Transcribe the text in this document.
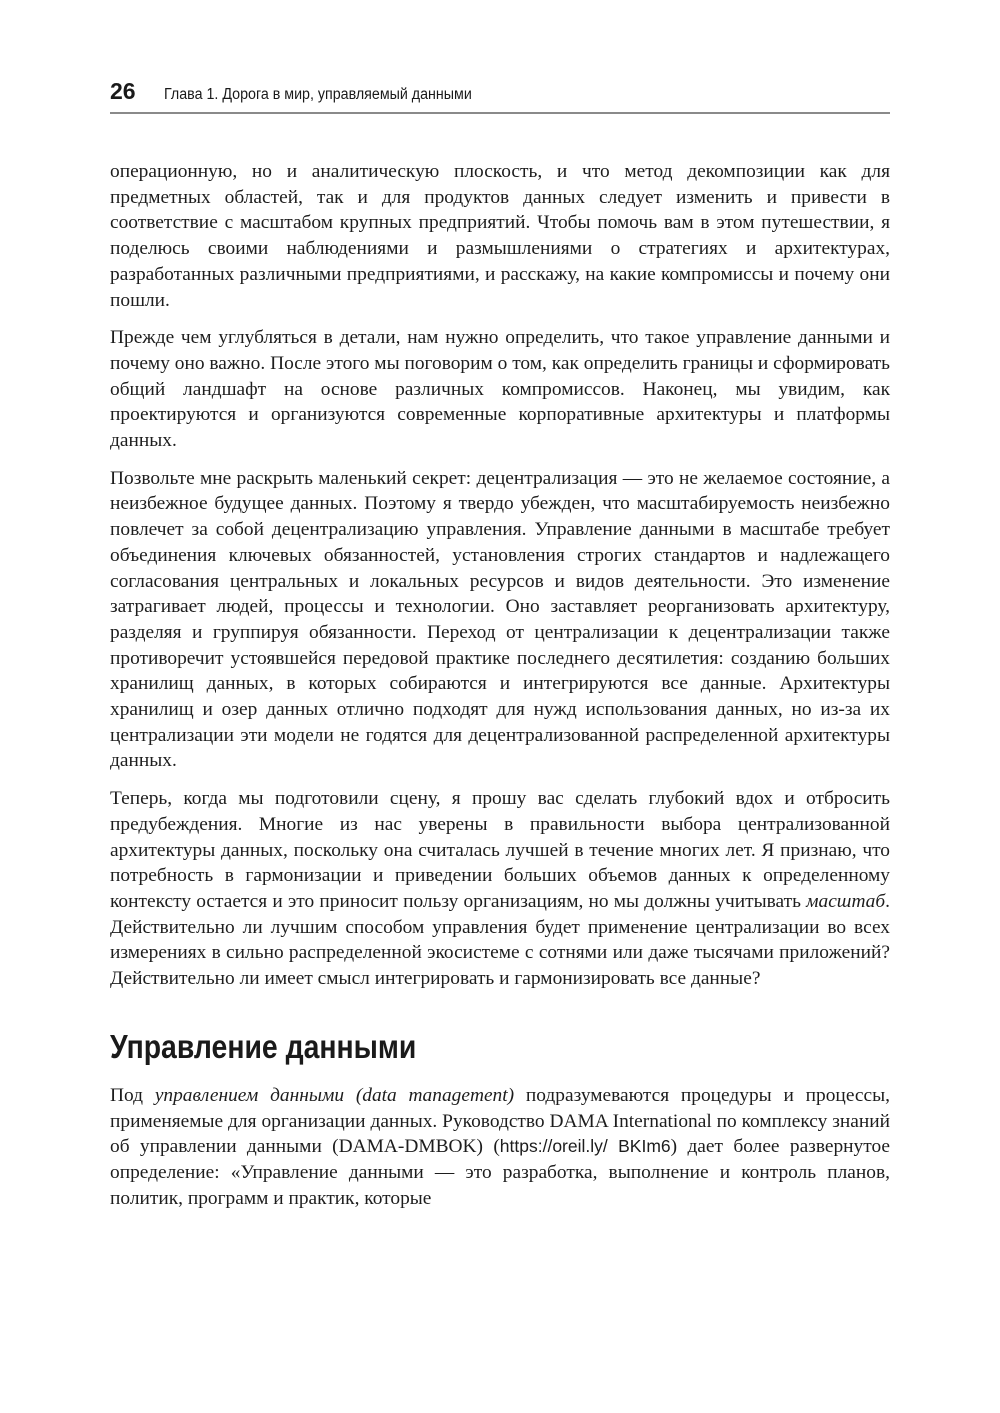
26 Глава 1. Дорога в мир, управляемый данными

операционную, но и аналитическую плоскость, и что метод декомпозиции как для предметных областей, так и для продуктов данных следует изменить и привести в соответствие с масштабом крупных предприятий. Чтобы помочь вам в этом путешествии, я поделюсь своими наблюдениями и размышлениями о стратегиях и архитектурах, разработанных различными предприятиями, и расскажу, на какие компромиссы и почему они пошли.

Прежде чем углубляться в детали, нам нужно определить, что такое управление данными и почему оно важно. После этого мы поговорим о том, как определить границы и сформировать общий ландшафт на основе различных компромиссов. Наконец, мы увидим, как проектируются и организуются современные корпоративные архитектуры и платформы данных.

Позвольте мне раскрыть маленький секрет: децентрализация — это не желаемое состояние, а неизбежное будущее данных. Поэтому я твердо убежден, что масштабируемость неизбежно повлечет за собой децентрализацию управления. Управление данными в масштабе требует объединения ключевых обязанностей, установления строгих стандартов и надлежащего согласования центральных и локальных ресурсов и видов деятельности. Это изменение затрагивает людей, процессы и технологии. Оно заставляет реорганизовать архитектуру, разделяя и группируя обязанности. Переход от централизации к децентрализации также противоречит устоявшейся передовой практике последнего десятилетия: созданию больших хранилищ данных, в которых собираются и интегрируются все данные. Архитектуры хранилищ и озер данных отлично подходят для нужд использования данных, но из-за их централизации эти модели не годятся для децентрализованной распределенной архитектуры данных.

Теперь, когда мы подготовили сцену, я прошу вас сделать глубокий вдох и отбросить предубеждения. Многие из нас уверены в правильности выбора централизованной архитектуры данных, поскольку она считалась лучшей в течение многих лет. Я признаю, что потребность в гармонизации и приведении больших объемов данных к определенному контексту остается и это приносит пользу организациям, но мы должны учитывать масштаб. Действительно ли лучшим способом управления будет применение централизации во всех измерениях в сильно распределенной экосистеме с сотнями или даже тысячами приложений? Действительно ли имеет смысл интегрировать и гармонизировать все данные?

Управление данными

Под управлением данными (data management) подразумеваются процедуры и процессы, применяемые для организации данных. Руководство DAMA International по комплексу знаний об управлении данными (DAMA-DMBOK) (https://oreil.ly/ BKIm6) дает более развернутое определение: «Управление данными — это разработка, выполнение и контроль планов, политик, программ и практик, которые
